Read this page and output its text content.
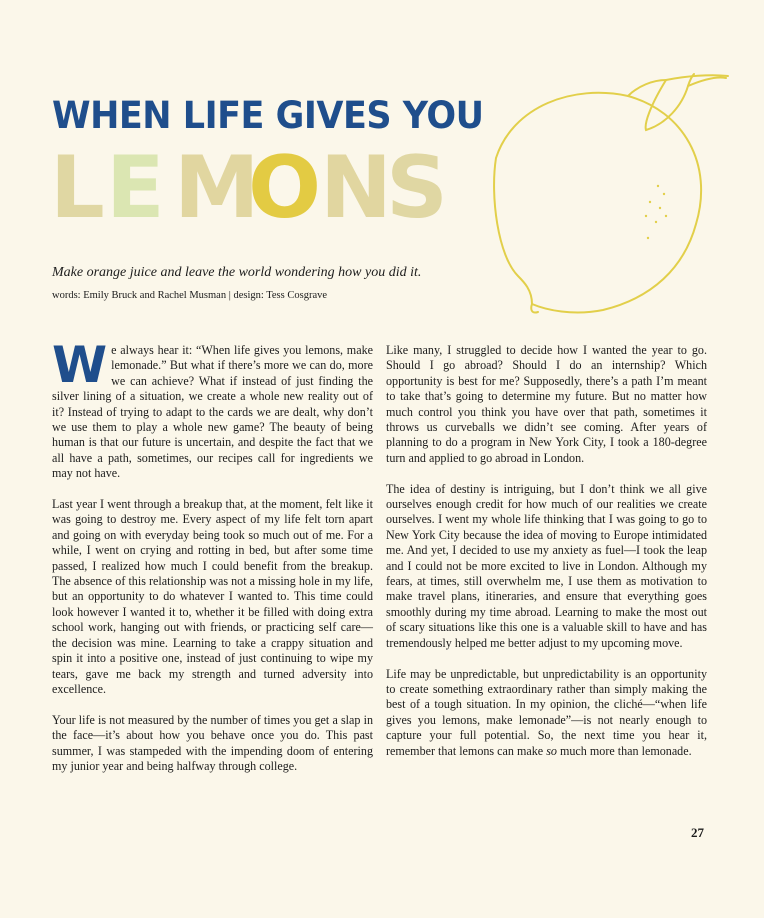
WHEN LIFE GIVES YOU
L E M
O
N
S

Make orange juice and leave the world wondering how you did it.

words: Emily Bruck and Rachel Musman | design: Tess Cosgrave

We always hear it: “When life gives you lemons, make lemonade.” But what if there’s more we can do, more we can achieve? What if instead of just finding the silver lining of a situation, we create a whole new reality out of it? Instead of trying to adapt to the cards we are dealt, why don’t we use them to play a whole new game? The beauty of being human is that our future is uncertain, and despite the fact that we all have a path, sometimes, our recipes call for ingredients we may not have.

Last year I went through a breakup that, at the moment, felt like it was going to destroy me. Every aspect of my life felt torn apart and going on with everyday being took so much out of me. For a while, I went on crying and rotting in bed, but after some time passed, I realized how much I could benefit from the breakup. The absence of this relationship was not a missing hole in my life, but an opportunity to do whatever I wanted to. This time could look however I wanted it to, whether it be filled with doing extra school work, hanging out with friends, or practicing self care—the decision was mine. Learning to take a crappy situation and spin it into a positive one, instead of just continuing to wipe my tears, gave me back my strength and turned adversity into excellence.

Your life is not measured by the number of times you get a slap in the face—it’s about how you behave once you do. This past summer, I was stampeded with the impending doom of entering my junior year and being halfway through college.

Like many, I struggled to decide how I wanted the year to go. Should I go abroad? Should I do an internship? Which opportunity is best for me? Supposedly, there’s a path I’m meant to take that’s going to determine my future. But no matter how much control you think you have over that path, sometimes it throws us curveballs we didn’t see coming. After years of planning to do a program in New York City, I took a 180-degree turn and applied to go abroad in London.

The idea of destiny is intriguing, but I don’t think we all give ourselves enough credit for how much of our realities we create ourselves. I went my whole life thinking that I was going to go to New York City because the idea of moving to Europe intimidated me. And yet, I decided to use my anxiety as fuel—I took the leap and I could not be more excited to live in London. Although my fears, at times, still overwhelm me, I use them as motivation to make travel plans, itineraries, and ensure that everything goes smoothly during my time abroad. Learning to make the most out of scary situations like this one is a valuable skill to have and has tremendously helped me better adjust to my upcoming move.

Life may be unpredictable, but unpredictability is an opportunity to create something extraordinary rather than simply making the best of a tough situation. In my opinion, the cliché—“when life gives you lemons, make lemonade”—is not nearly enough to capture your full potential. So, the next time you hear it, remember that lemons can make so much more than lemonade.

27
